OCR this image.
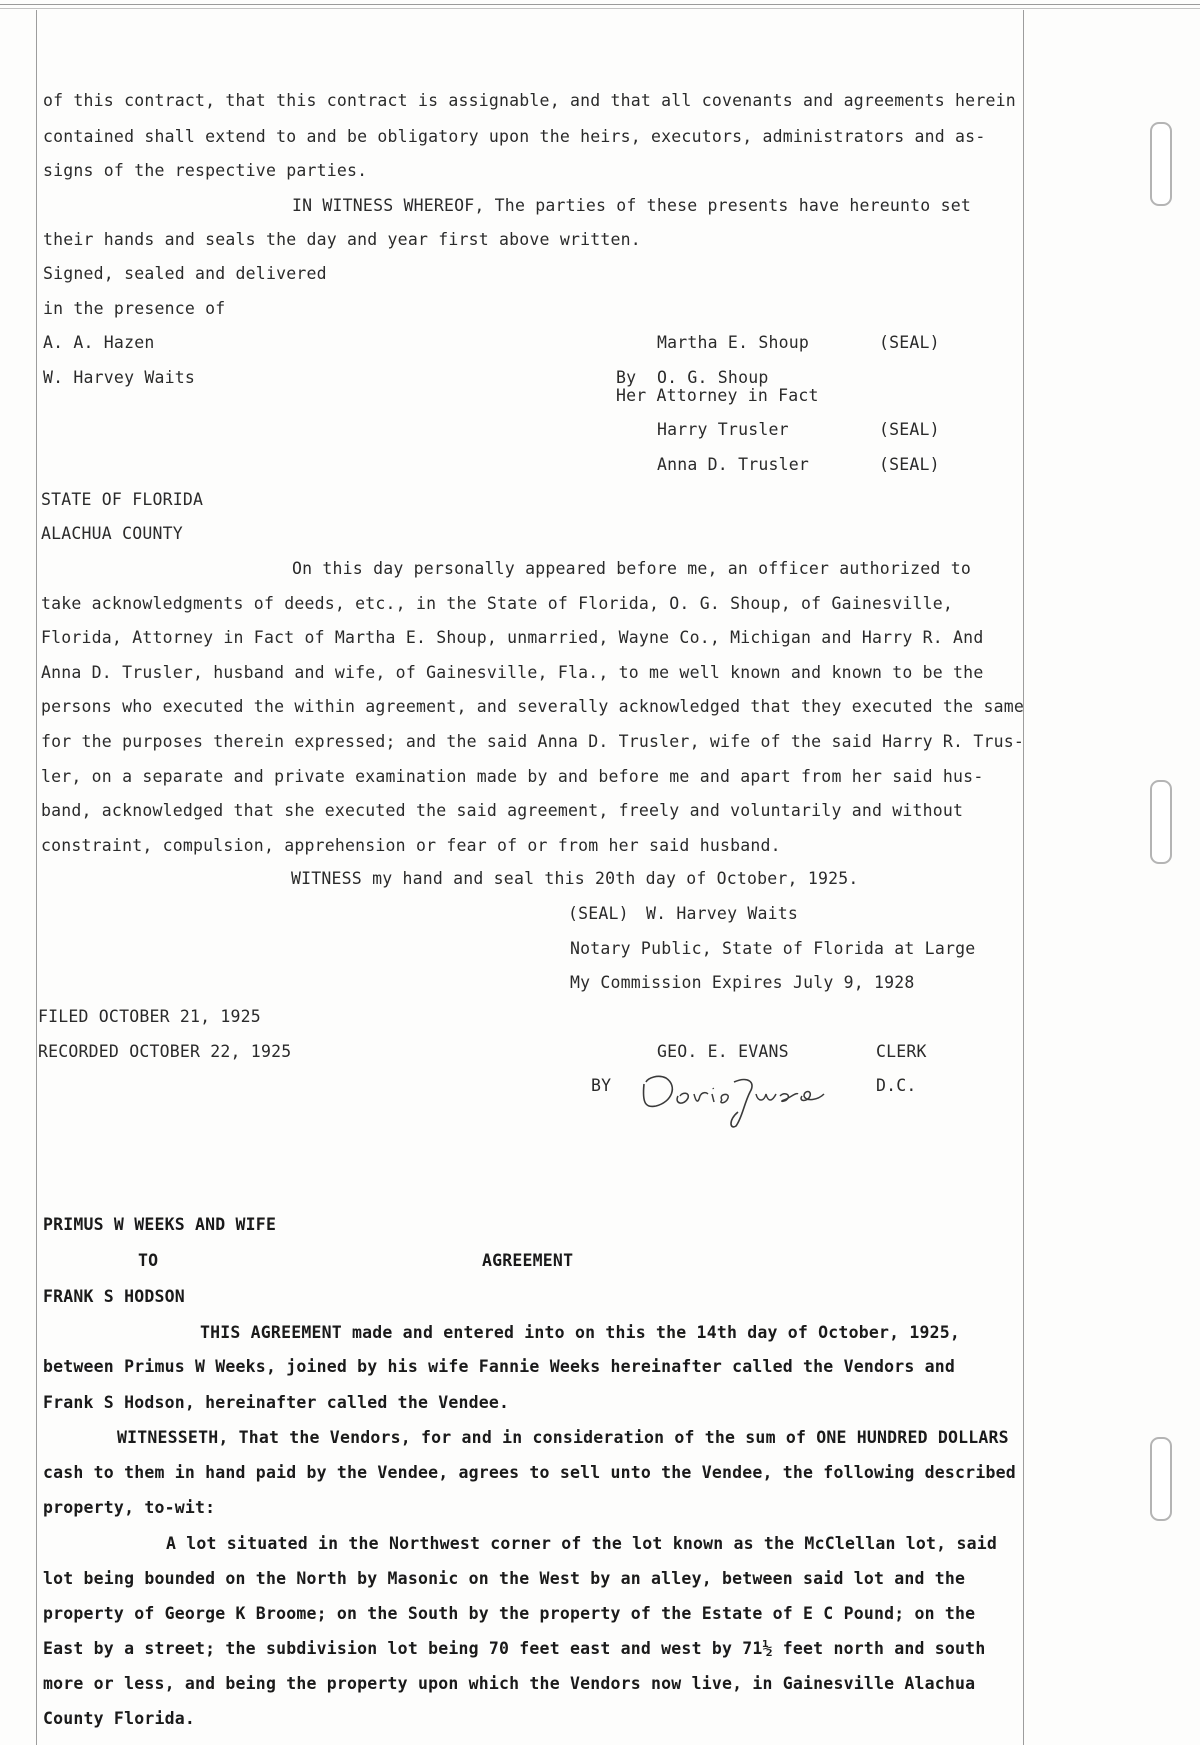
of this contract, that this contract is assignable, and that all covenants and agreements herein
contained shall extend to and be obligatory upon the heirs, executors, administrators and as-
signs of the respective parties.
IN WITNESS WHEREOF, The parties of these presents have hereunto set
their hands and seals the day and year first above written.
Signed, sealed and delivered
in the presence of
A. A. Hazen
W. Harvey Waits
Martha E. Shoup	(SEAL)
By O. G. Shoup
Her Attorney in Fact
Harry Trusler	(SEAL)
Anna D. Trusler	(SEAL)
STATE OF FLORIDA
ALACHUA COUNTY
On this day personally appeared before me, an officer authorized to
take acknowledgments of deeds, etc., in the State of Florida, O. G. Shoup, of Gainesville,
Florida, Attorney in Fact of Martha E. Shoup, unmarried, Wayne Co., Michigan and Harry R. And
Anna D. Trusler, husband and wife, of Gainesville, Fla., to me well known and known to be the
persons who executed the within agreement, and severally acknowledged that they executed the same
for the purposes therein expressed; and the said Anna D. Trusler, wife of the said Harry R. Trus-
ler, on a separate and private examination made by and before me and apart from her said hus-
band, acknowledged that she executed the said agreement, freely and voluntarily and without
constraint, compulsion, apprehension or fear of or from her said husband.
WITNESS my hand and seal this 20th day of October, 1925.
(SEAL) W. Harvey Waits
Notary Public, State of Florida at Large
My Commission Expires July 9, 1928
FILED OCTOBER 21, 1925
RECORDED OCTOBER 22, 1925	GEO. E. EVANS	CLERK
BY	D.C.
PRIMUS W WEEKS AND WIFE
TO	AGREEMENT
FRANK S HODSON
THIS AGREEMENT made and entered into on this the 14th day of October, 1925,
between Primus W Weeks, joined by his wife Fannie Weeks hereinafter called the Vendors and
Frank S Hodson, hereinafter called the Vendee.
WITNESSETH, That the Vendors, for and in consideration of the sum of ONE HUNDRED DOLLARS
cash to them in hand paid by the Vendee, agrees to sell unto the Vendee, the following described
property, to-wit:
A lot situated in the Northwest corner of the lot known as the McClellan lot, said
lot being bounded on the North by Masonic on the West by an alley, between said lot and the
property of George K Broome; on the South by the property of the Estate of E C Pound; on the
East by a street; the subdivision lot being 70 feet east and west by 71½ feet north and south
more or less, and being the property upon which the Vendors now live, in Gainesville Alachua
County Florida.
